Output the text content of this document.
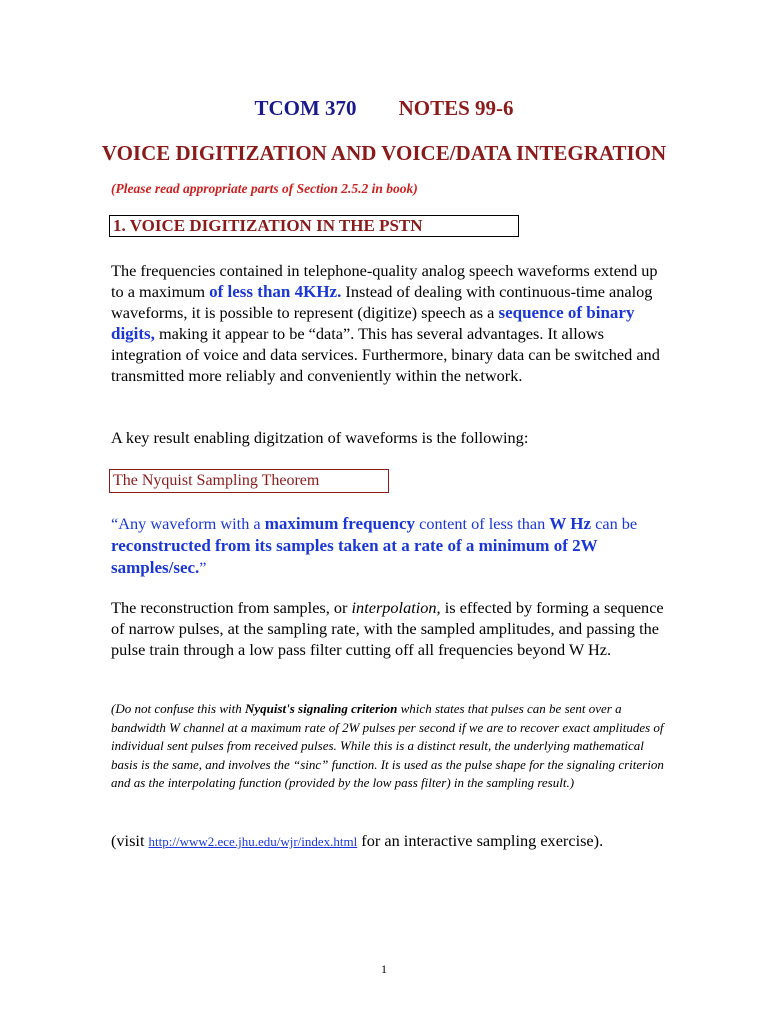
TCOM 370 NOTES 99-6
VOICE DIGITIZATION AND VOICE/DATA INTEGRATION
(Please read appropriate parts of Section 2.5.2 in book)
1. VOICE DIGITIZATION IN THE PSTN
The frequencies contained in telephone-quality analog speech waveforms extend up to a maximum of less than 4KHz. Instead of dealing with continuous-time analog waveforms, it is possible to represent (digitize) speech as a sequence of binary digits, making it appear to be “data”. This has several advantages. It allows integration of voice and data services. Furthermore, binary data can be switched and transmitted more reliably and conveniently within the network.
A key result enabling digitzation of waveforms is the following:
The Nyquist Sampling Theorem
“Any waveform with a maximum frequency content of less than W Hz can be reconstructed from its samples taken at a rate of a minimum of 2W samples/sec.”
The reconstruction from samples, or interpolation, is effected by forming a sequence of narrow pulses, at the sampling rate, with the sampled amplitudes, and passing the pulse train through a low pass filter cutting off all frequencies beyond W Hz.
(Do not confuse this with Nyquist's signaling criterion which states that pulses can be sent over a bandwidth W channel at a maximum rate of 2W pulses per second if we are to recover exact amplitudes of individual sent pulses from received pulses. While this is a distinct result, the underlying mathematical basis is the same, and involves the “sinc” function. It is used as the pulse shape for the signaling criterion and as the interpolating function (provided by the low pass filter) in the sampling result.)
(visit http://www2.ece.jhu.edu/wjr/index.html for an interactive sampling exercise).
1
